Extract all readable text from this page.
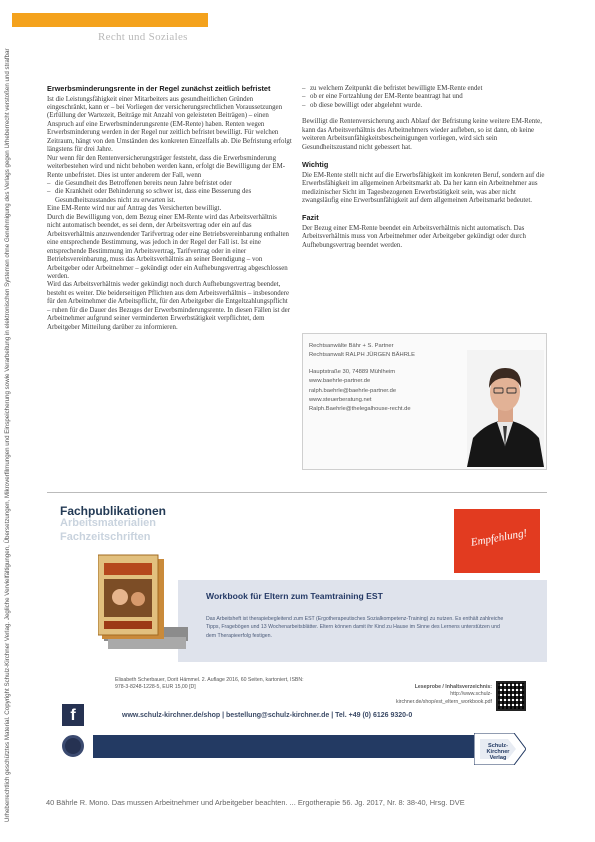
Recht und Soziales
Urheberrechtlich geschütztes Material. Copyright Schulz-Kirchner Verlag. Jegliche Vervielfältigungen, Übersetzungen, Mikroverfilmungen und Einspeicherung sowie Verarbeitung in elektronischen Systemen ohne Genehmigung des Verlags gegen Urheberrecht verstoßen und strafbar	Erwerbsminderungsrente in der Regel zunächst zeitlich befristet

Ist die Leistungsfähigkeit einer Mitarbeiters aus gesundheitlichen Gründen eingeschränkt, kann er – bei Vorliegen der versicherungsrechtlichen Voraussetzungen (Erfüllung der Wartezeit, Beiträge mit Anzahl von geleisteten Beiträgen) – einen Anspruch auf eine Erwerbsminderungsrente (EM-Rente) haben. Renten wegen Erwerbsminderung werden in der Regel nur zeitlich befristet bewilligt. Für welchen Zeitraum, hängt von den Umständen des konkreten Einzelfalls ab. Die Befristung erfolgt längstens für drei Jahre.

Nur wenn für den Rentenversicherungsträger feststeht, dass die Erwerbsminderung weiterbestehen wird und nicht behoben werden kann, erfolgt die Bewilligung der EM-Rente unbefristet. Dies ist unter anderem der Fall, wenn

– die Gesundheit des Betroffenen bereits neun Jahre befristet oder
– die Krankheit oder Behinderung so schwer ist, dass eine Besserung des Gesundheitszustandes nicht zu erwarten ist.

Eine EM-Rente wird nur auf Antrag des Versicherten bewilligt.

Durch die Bewilligung von, dem Bezug einer EM-Rente wird das Arbeitsverhältnis nicht automatisch beendet, es sei denn, der Arbeitsvertrag oder ein auf das Arbeitsverhältnis anzuwendender Tarifvertrag oder eine Betriebsvereinbarung enthalten eine entsprechende Bestimmung, was jedoch in der Regel der Fall ist. Ist eine entsprechende Bestimmung im Arbeitsvertrag, Tarifvertrag oder in einer Betriebsvereinbarung, muss das Arbeitsverhältnis an seiner Beendigung – von Arbeitgeber oder Arbeitnehmer – gekündigt oder ein Aufhebungsvertrag abgeschlossen werden.

Wird das Arbeitsverhältnis weder gekündigt noch durch Aufhebungsvertrag beendet, besteht es weiter. Die beiderseitigen Pflichten aus dem Arbeitsverhältnis – insbesondere für den Arbeitnehmer die Arbeitspflicht, für den Arbeitgeber die Entgeltzahlungspflicht – ruhen für die Dauer des Bezuges der Erwerbsminderungsrente. In diesen Fällen ist der Arbeitnehmer aufgrund seiner verminderten Erwerbstätigkeit verpflichtet, dem Arbeitgeber Mitteilung darüber zu informieren.

– zu welchem Zeitpunkt die befristet bewilligte EM-Rente endet
– ob er eine Fortzahlung der EM-Rente beantragt hat und
– ob diese bewilligt oder abgelehnt wurde.

Bewilligt die Rentenversicherung auch Ablauf der Befristung keine weitere EM-Rente, kann das Arbeitsverhältnis des Arbeitnehmers wieder aufleben, so ist dann, ob keine weiteren Arbeitsunfähigkeitsbescheinigungen vorliegen, wird sich sein Gesundheitszustand nicht gebessert hat.

Wichtig

Die EM-Rente stellt nicht auf die Erwerbsfähigkeit im konkreten Beruf, sondern auf die Erwerbsfähigkeit im allgemeinen Arbeitsmarkt ab. Da her kann ein Arbeitnehmer aus medizinischer Sicht im Tagesbezogenen Erwerbstätigkeit sein, was aber nicht zwangsläufig eine Erwerbsunfähigkeit auf dem allgemeinen Arbeitsmarkt bedeutet.

Fazit

Der Bezug einer EM-Rente beendet ein Arbeitsverhältnis nicht automatisch. Das Arbeitsverhältnis muss von Arbeitnehmer oder Arbeitgeber gekündigt oder durch Aufhebungsvertrag beendet werden.

Rechtsanwälte Bähr + S. Partner
Rechtsanwalt RALPH JÜRGEN BÄHRLE
Hauptstraße 30, 74889 Mühlheim
www.baehrle-partner.de
ralph.baehrle@baehrle-partner.de
www.steuerberatung.net
Ralph.Baehrle@thelegalhouse-recht.de
Fachpublikationen
Arbeitsmaterialien
Fachzeitschriften	Empfehlung!
Workbook für Eltern zum Teamtraining EST
Das Arbeitsheft ist therapiebegleitend zum EST (Ergotherapeutisches Sozialkompetenz-Training) zu nutzen. Es enthält zahlreiche Tipps, Fragebögen und 13 Wochenarbeitsblätter. Eltern können damit ihr Kind zu Hause im Sinne des Lernens unterstützen und dem Therapieerfolg festigen.
Elisabeth Scherbauer, Dorit Hämmel. 2. Auflage 2016, 60 Seiten, kartoniert, ISBN: 978-3-8248-1228-5, EUR 15,00 [D]	Leseprobe / Inhaltsverzeichnis:
http://www.schulz-kirchner.de/shop/est_eltern_workbook.pdf
f	www.schulz-kirchner.de/shop | bestellung@schulz-kirchner.de | Tel. +49 (0) 6126 9320-0
Schulz-
Kirchner
Verlag
40 Bährle R. Mono. Das mussen Arbeitnehmer und Arbeitgeber beachten. ... Ergotherapie 56. Jg. 2017, Nr. 8: 38-40, Hrsg. DVE
